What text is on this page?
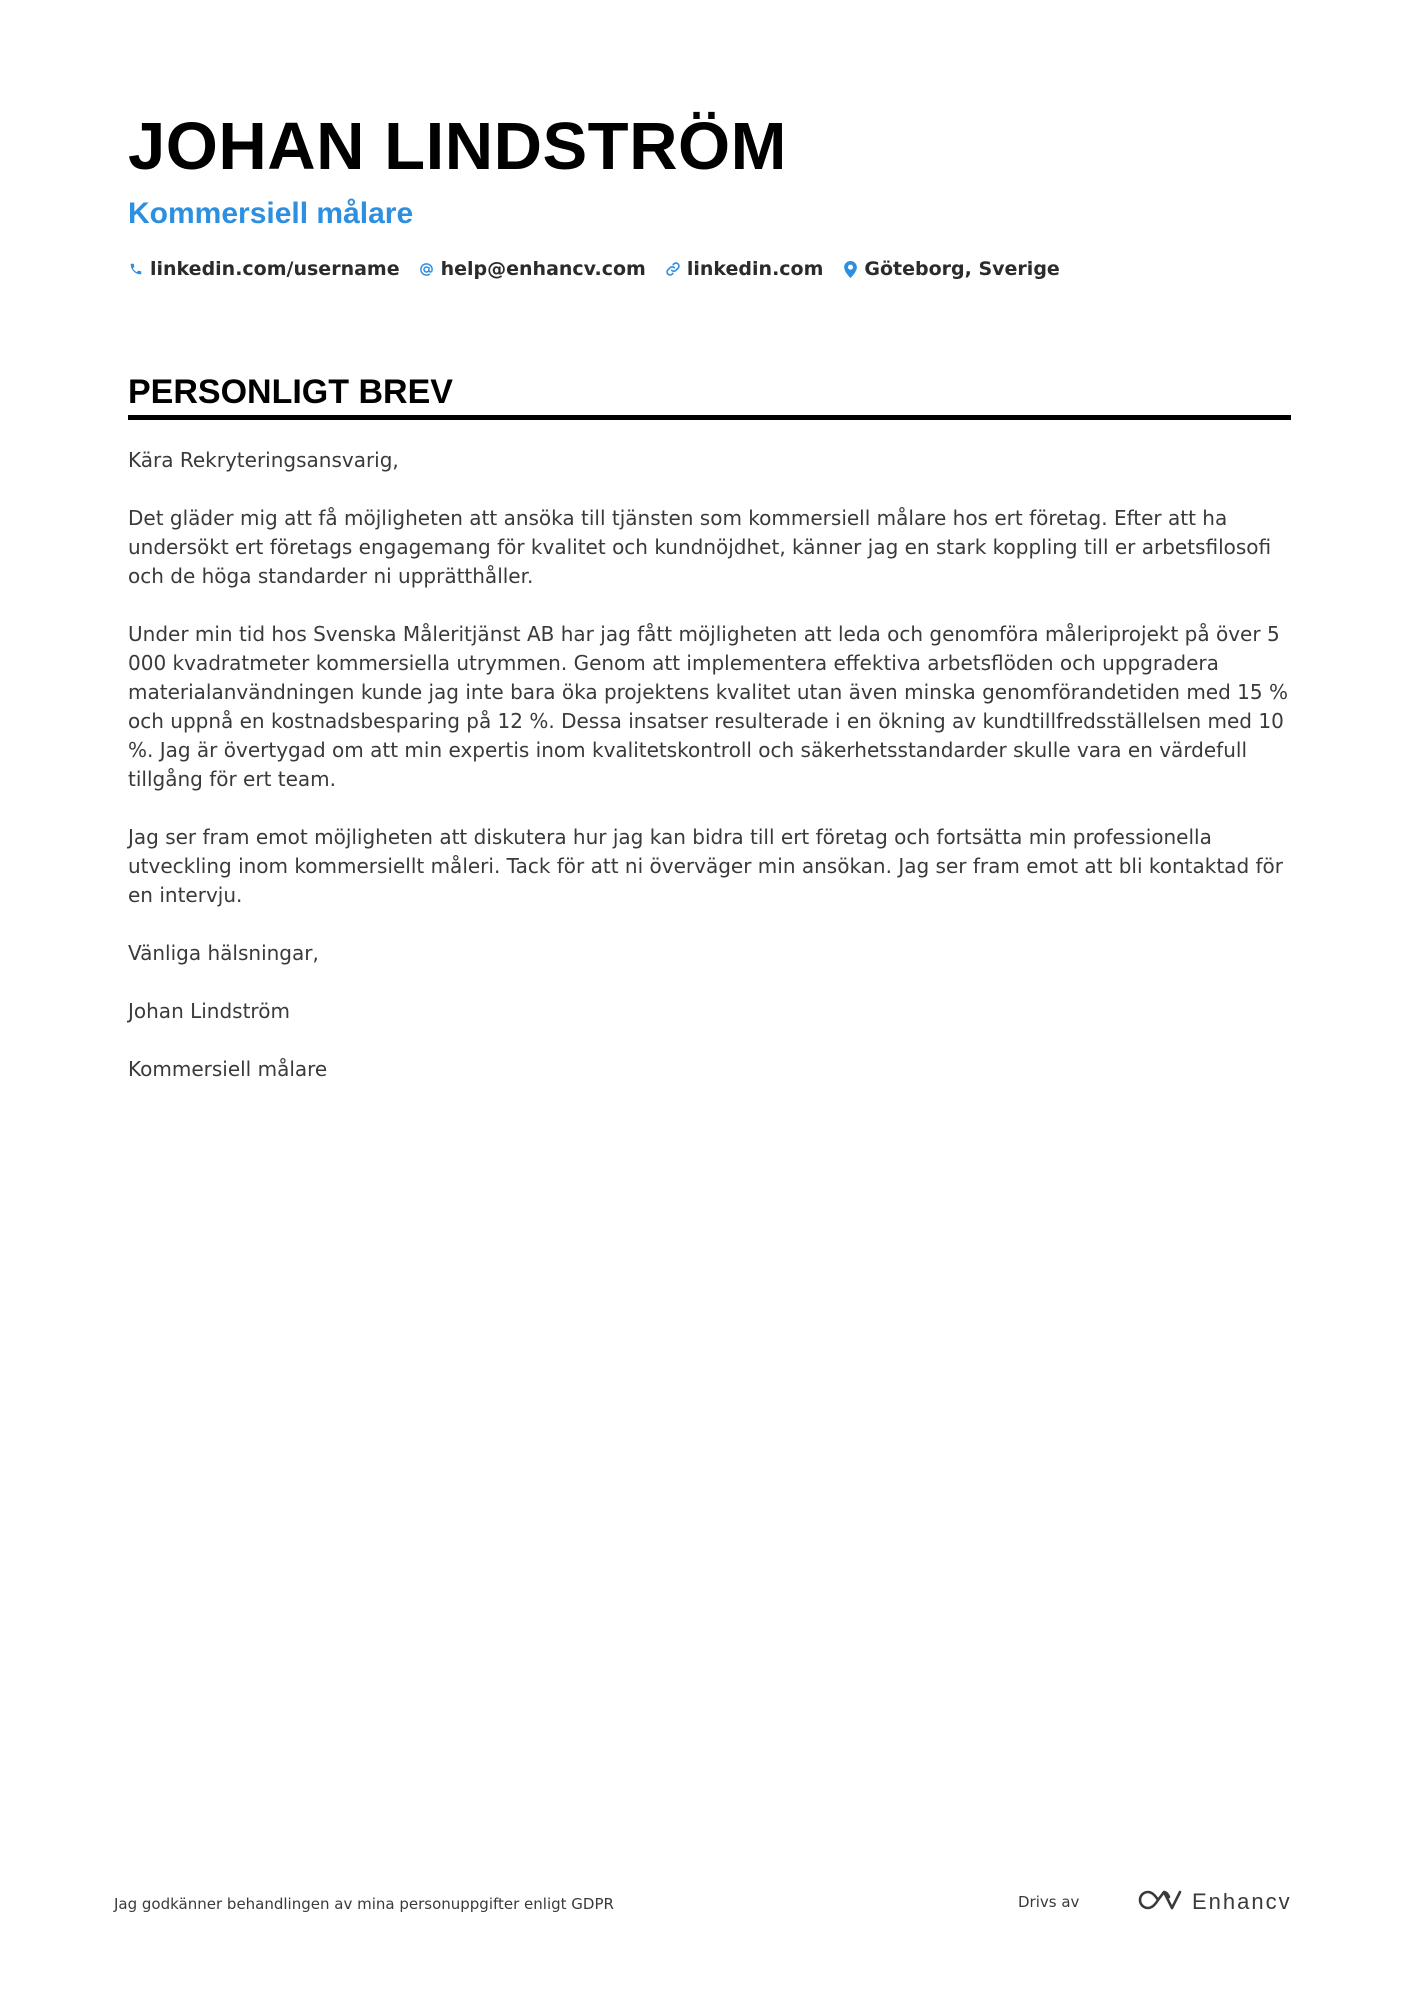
JOHAN LINDSTRÖM
Kommersiell målare
linkedin.com/username help@enhancv.com linkedin.com Göteborg, Sverige
PERSONLIGT BREV

Kära Rekryteringsansvarig,

Det gläder mig att få möjligheten att ansöka till tjänsten som kommersiell målare hos ert företag. Efter att ha undersökt ert företags engagemang för kvalitet och kundnöjdhet, känner jag en stark koppling till er arbetsfilosofi och de höga standarder ni upprätthåller.

Under min tid hos Svenska Måleritjänst AB har jag fått möjligheten att leda och genomföra måleriprojekt på över 5 000 kvadratmeter kommersiella utrymmen. Genom att implementera effektiva arbetsflöden och uppgradera materialanvändningen kunde jag inte bara öka projektens kvalitet utan även minska genomförandetiden med 15 % och uppnå en kostnadsbesparing på 12 %. Dessa insatser resulterade i en ökning av kundtillfredsställelsen med 10 %. Jag är övertygad om att min expertis inom kvalitetskontroll och säkerhetsstandarder skulle vara en värdefull tillgång för ert team.

Jag ser fram emot möjligheten att diskutera hur jag kan bidra till ert företag och fortsätta min professionella utveckling inom kommersiellt måleri. Tack för att ni överväger min ansökan. Jag ser fram emot att bli kontaktad för en intervju.

Vänliga hälsningar,

Johan Lindström

Kommersiell målare

Jag godkänner behandlingen av mina personuppgifter enligt GDPR	Drivs av	Enhancv
